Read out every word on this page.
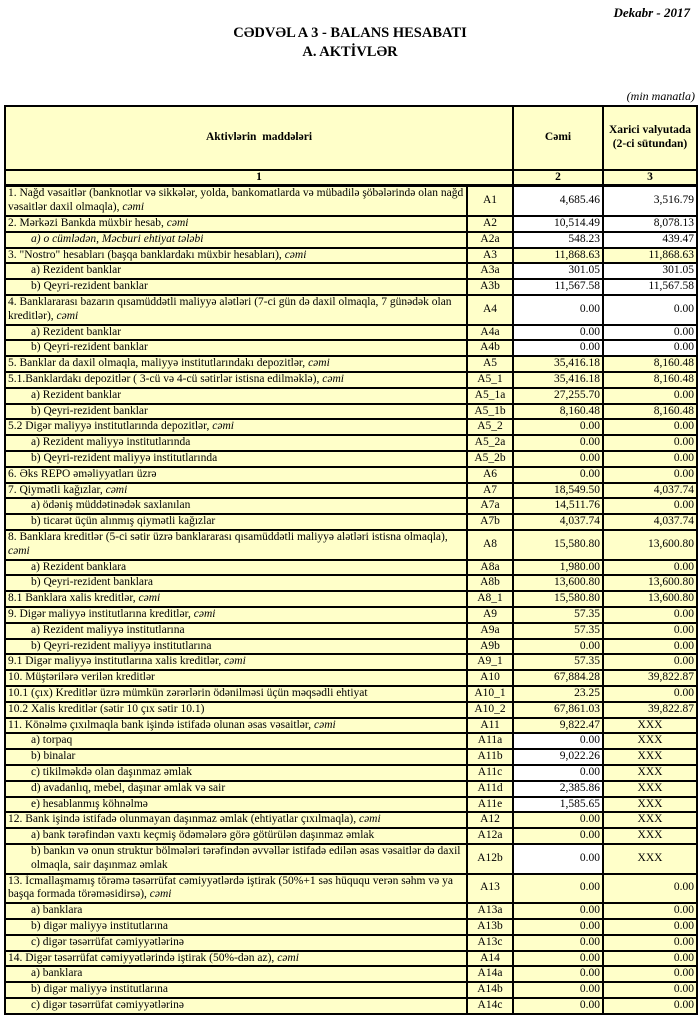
Dekabr - 2017
CƏDVƏL A 3 - BALANS HESABATI
A. AKTİVLƏR
(min manatla)
Aktivlərin  maddələri		Cəmi	Xarici valyutada (2-ci sütundan)
1		2	3
1. Nağd vəsaitlər (banknotlar və sikkələr, yolda, bankomatlarda və mübadilə şöbələrində olan nağd vəsaitlər daxil olmaqla), cəmi	A1	4,685.46	3,516.79
2. Mərkəzi Bankda müxbir hesab, cəmi	A2	10,514.49	8,078.13
a) o cümlədən, Məcburi ehtiyat tələbi	A2a	548.23	439.47
3. "Nostro" hesabları (başqa banklardakı müxbir hesabları), cəmi	A3	11,868.63	11,868.63
a) Rezident banklar	A3a	301.05	301.05
b) Qeyri-rezident banklar	A3b	11,567.58	11,567.58
4. Banklararası bazarın qısamüddətli maliyyə alətləri (7-ci gün də daxil olmaqla, 7 günədək olan kreditlər), cəmi	A4	0.00	0.00
a) Rezident banklar	A4a	0.00	0.00
b) Qeyri-rezident banklar	A4b	0.00	0.00
5. Banklar da daxil olmaqla, maliyyə institutlarındakı depozitlər, cəmi	A5	35,416.18	8,160.48
5.1.Banklardakı depozitlər ( 3-cü və 4-cü sətirlər istisna edilməklə), cəmi	A5_1	35,416.18	8,160.48
a) Rezident banklar	A5_1a	27,255.70	0.00
b) Qeyri-rezident banklar	A5_1b	8,160.48	8,160.48
5.2 Digər maliyyə institutlarında depozitlər, cəmi	A5_2	0.00	0.00
a) Rezident maliyyə institutlarında	A5_2a	0.00	0.00
b) Qeyri-rezident maliyyə institutlarında	A5_2b	0.00	0.00
6. Əks REPO əməliyyatları üzrə	A6	0.00	0.00
7. Qiymətli kağızlar, cəmi	A7	18,549.50	4,037.74
a) ödəniş müddətinədək saxlanılan	A7a	14,511.76	0.00
b) ticarət üçün alınmış qiymətli kağızlar	A7b	4,037.74	4,037.74
8. Banklara kreditlər (5-ci sətir üzrə banklararası qısamüddətli maliyyə alətləri istisna olmaqla), cəmi	A8	15,580.80	13,600.80
a) Rezident banklara	A8a	1,980.00	0.00
b) Qeyri-rezident banklara	A8b	13,600.80	13,600.80
8.1 Banklara xalis kreditlər, cəmi	A8_1	15,580.80	13,600.80
9. Digər maliyyə institutlarına kreditlər, cəmi	A9	57.35	0.00
a) Rezident maliyyə institutlarına	A9a	57.35	0.00
b) Qeyri-rezident maliyyə institutlarına	A9b	0.00	0.00
9.1 Digər maliyyə institutlarına xalis kreditlər, cəmi	A9_1	57.35	0.00
10. Müştərilərə verilən kreditlər	A10	67,884.28	39,822.87
10.1 (çıx) Kreditlər üzrə mümkün zərərlərin ödənilməsi üçün məqsədli ehtiyat	A10_1	23.25	0.00
10.2 Xalis kreditlər (sətir 10 çıx sətir 10.1)	A10_2	67,861.03	39,822.87
11. Könəlmə çıxılmaqla bank işində istifadə olunan əsas vəsaitlər, cəmi	A11	9,822.47	XXX
a) torpaq	A11a	0.00	XXX
b) binalar	A11b	9,022.26	XXX
c) tikilməkdə olan daşınmaz əmlak	A11c	0.00	XXX
d) avadanlıq, mebel, daşınar əmlak və sair	A11d	2,385.86	XXX
e) hesablanmış köhnəlmə	A11e	1,585.65	XXX
12. Bank işində istifadə olunmayan daşınmaz əmlak (ehtiyatlar çıxılmaqla), cəmi	A12	0.00	XXX
a) bank tərəfindən vaxtı keçmiş ödəmələrə görə götürülən daşınmaz əmlak	A12a	0.00	XXX
b) bankın və onun struktur bölmələri tərəfindən əvvəllər istifadə edilən əsas vəsaitlər də daxil olmaqla, sair daşınmaz əmlak	A12b	0.00	XXX
13. İcmallaşmamış törəmə təsərrüfat cəmiyyətlərdə iştirak (50%+1 səs hüququ verən səhm və ya başqa formada törəməsidirsə), cəmi	A13	0.00	0.00
a) banklara	A13a	0.00	0.00
b) digər maliyyə institutlarına	A13b	0.00	0.00
c) digər təsərrüfat cəmiyyətlərinə	A13c	0.00	0.00
14. Digər təsərrüfat cəmiyyətlərində iştirak (50%-dən az), cəmi	A14	0.00	0.00
a) banklara	A14a	0.00	0.00
b) digər maliyyə institutlarına	A14b	0.00	0.00
c) digər təsərrüfat cəmiyyətlərinə	A14c	0.00	0.00
